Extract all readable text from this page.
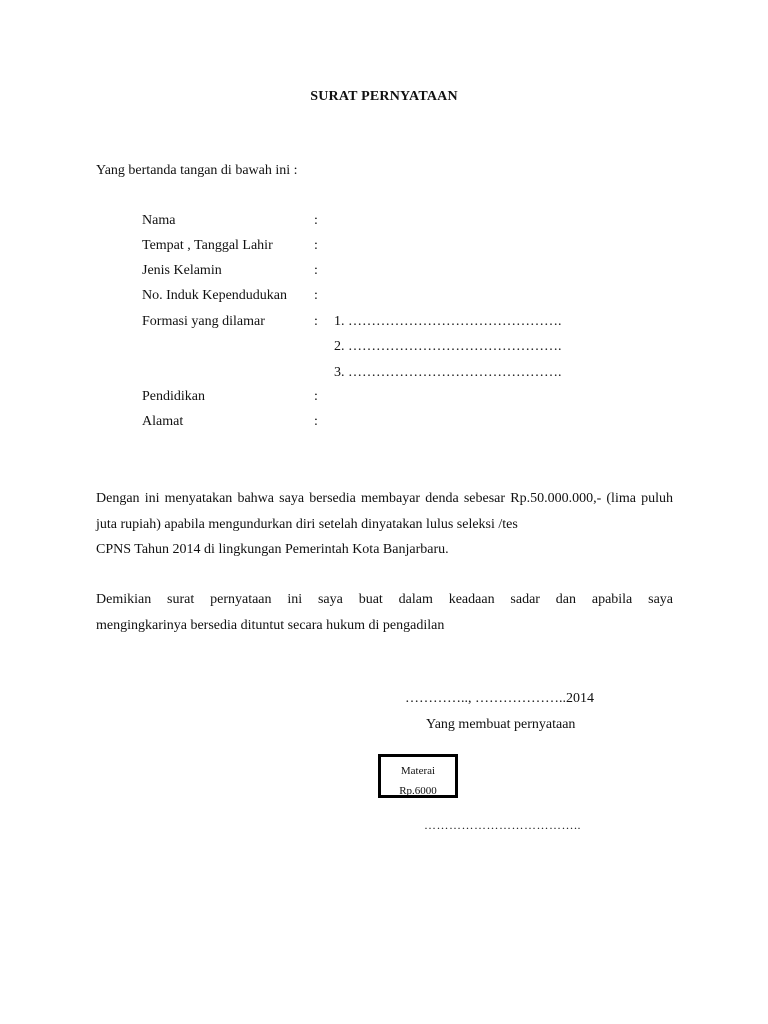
SURAT PERNYATAAN
Yang bertanda tangan di bawah ini :
Nama	:
Tempat , Tanggal Lahir	:
Jenis Kelamin	:
No. Induk Kependudukan :
Formasi yang dilamar	: 1. ……………………………………….
2. ……………………………………….
3. ……………………………………….
Pendidikan	:
Alamat	:
Dengan ini menyatakan bahwa saya bersedia membayar denda sebesar Rp.50.000.000,- (lima puluh juta rupiah) apabila mengundurkan diri setelah dinyatakan lulus seleksi /tes
CPNS Tahun 2014 di lingkungan Pemerintah Kota Banjarbaru.
Demikian surat pernyataan ini saya buat dalam keadaan sadar dan apabila saya
mengingkarinya bersedia dituntut secara hukum di pengadilan
………….., ………………..2014
Yang membuat pernyataan
Materai
Rp.6000
………………………………..
